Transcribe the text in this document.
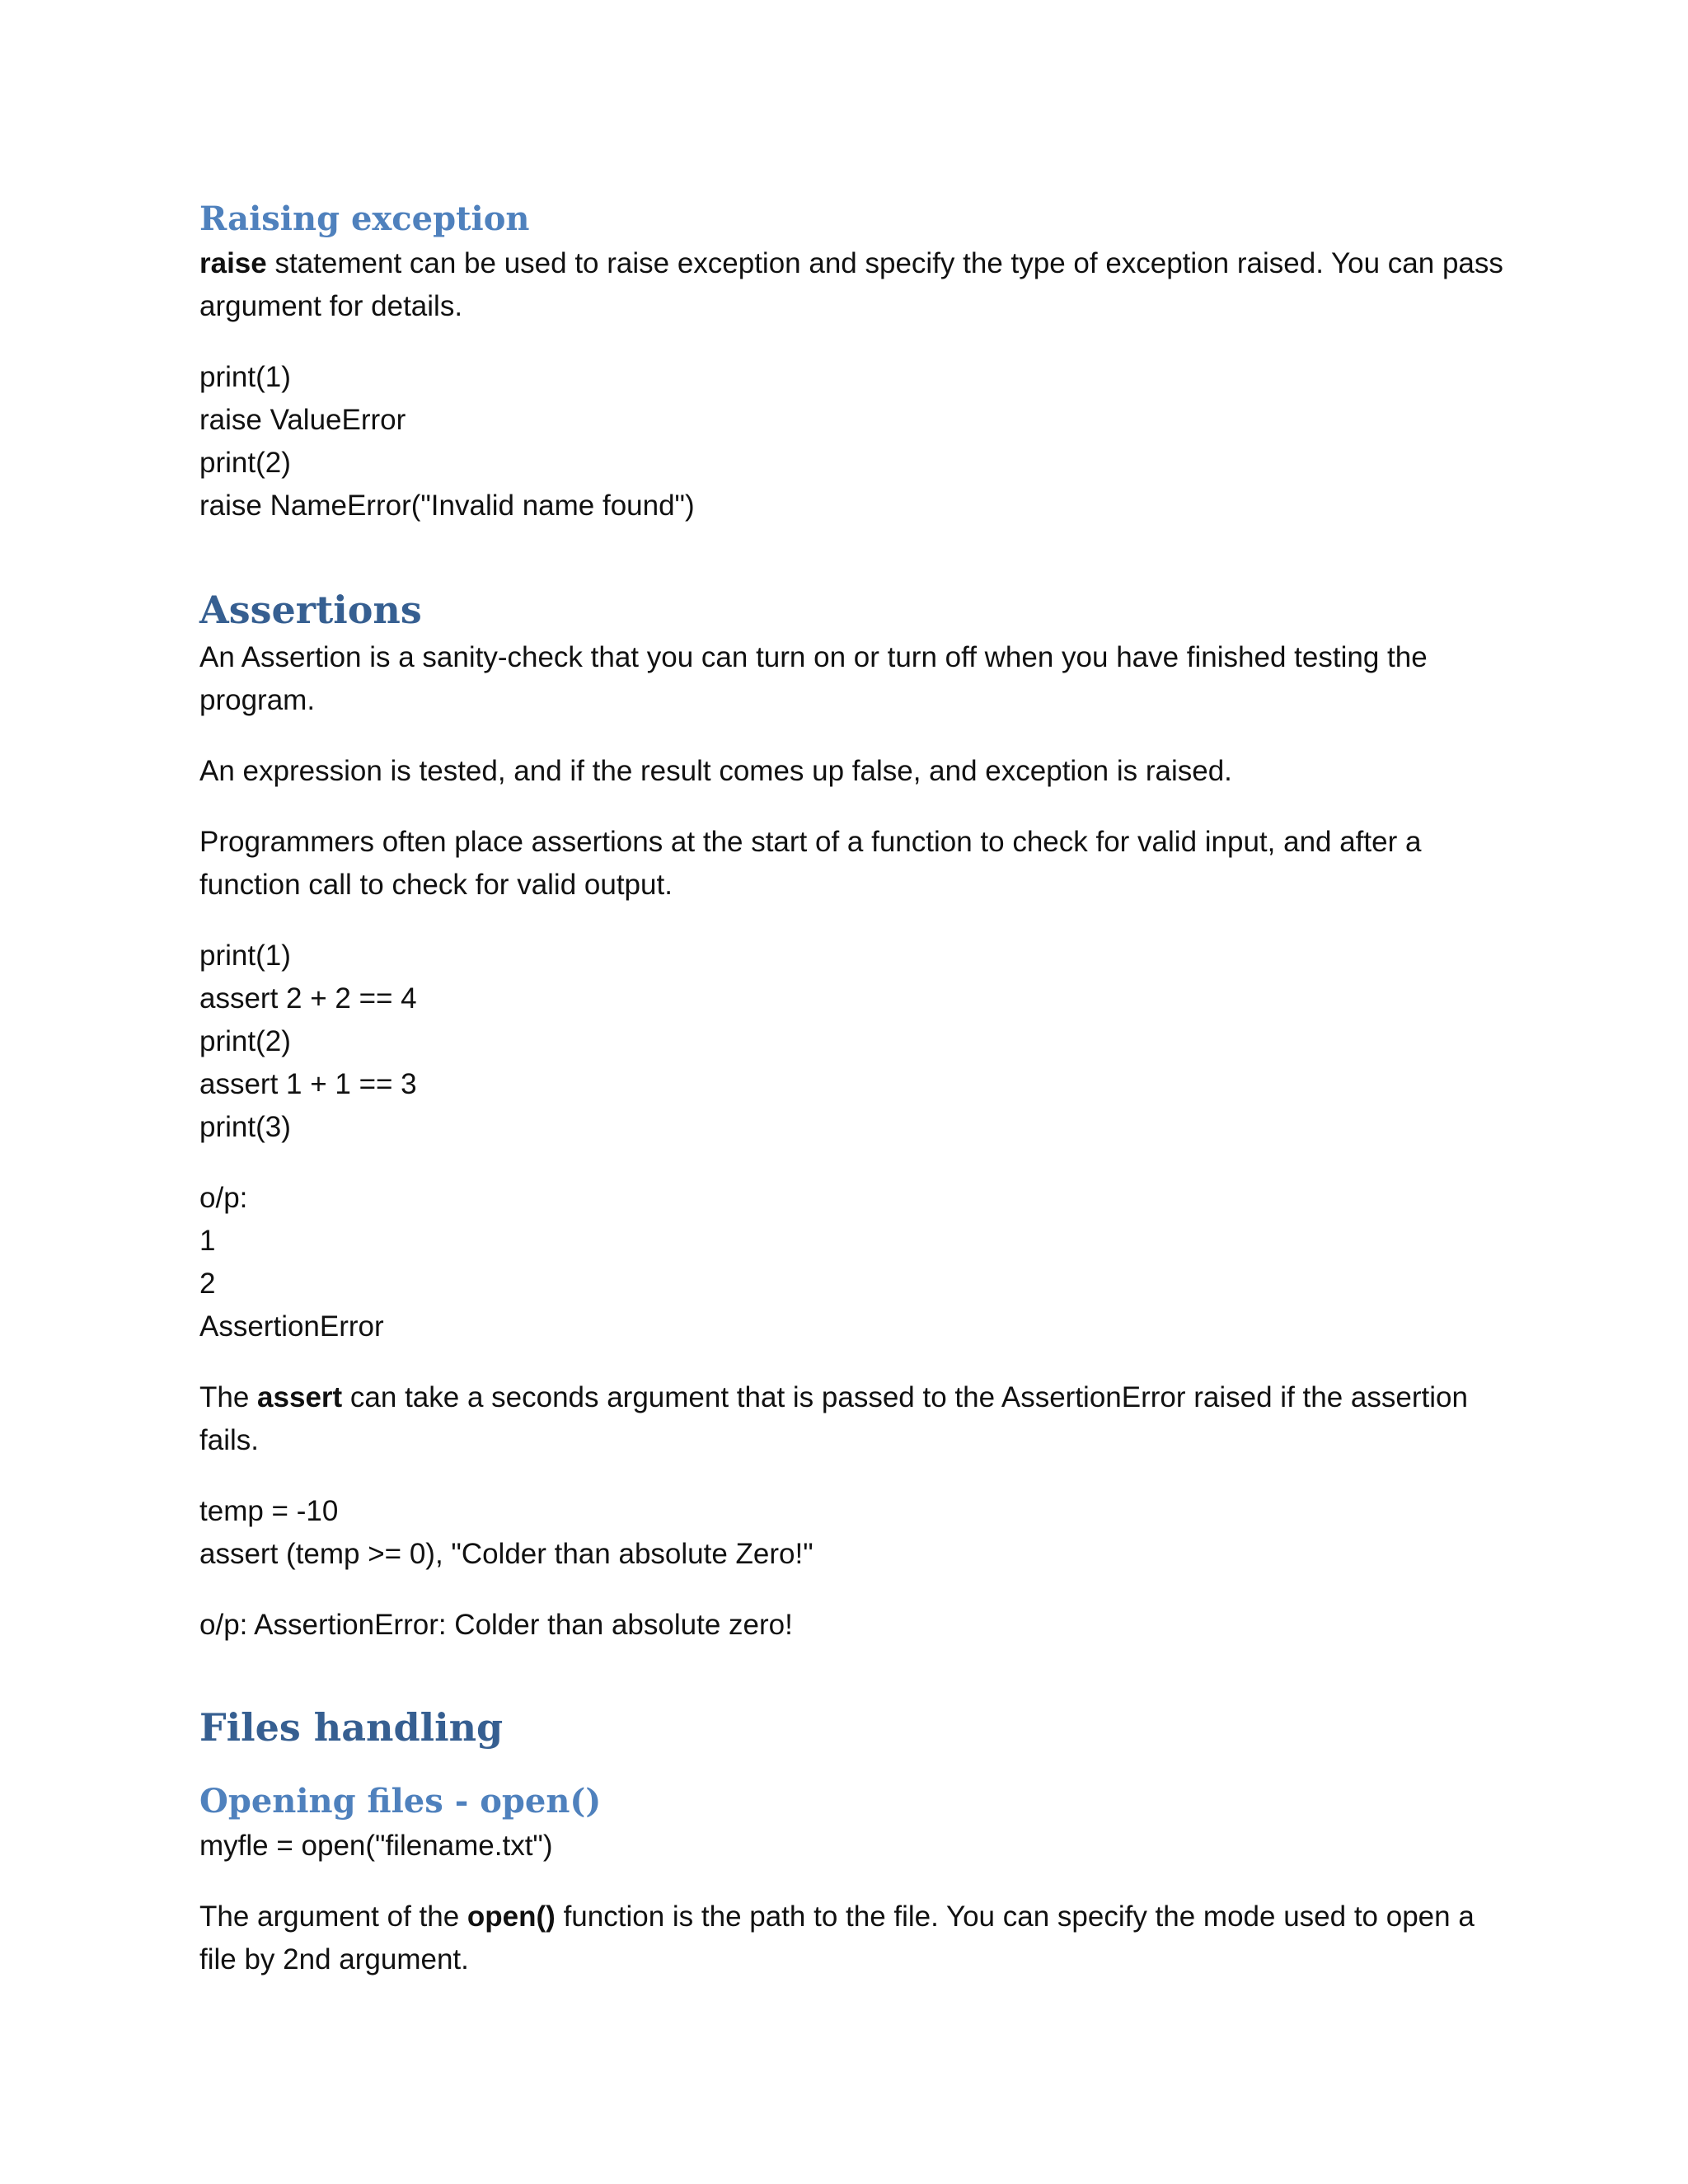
Raising exception

raise statement can be used to raise exception and specify the type of exception raised. You can pass argument for details.

print(1)
raise ValueError
print(2)
raise NameError("Invalid name found")
Assertions

An Assertion is a sanity-check that you can turn on or turn off when you have finished testing the program.

An expression is tested, and if the result comes up false, and exception is raised.

Programmers often place assertions at the start of a function to check for valid input, and after a function call to check for valid output.

print(1)
assert 2 + 2 == 4
print(2)
assert 1 + 1 == 3
print(3)
o/p:
1
2
AssertionError

The assert can take a seconds argument that is passed to the AssertionError raised if the assertion fails.

temp = -10
assert (temp >= 0), "Colder than absolute Zero!"

o/p: AssertionError: Colder than absolute zero!

Files handling
Opening files - open()

myfle = open("filename.txt")

The argument of the open() function is the path to the file. You can specify the mode used to open a file by 2nd argument.
